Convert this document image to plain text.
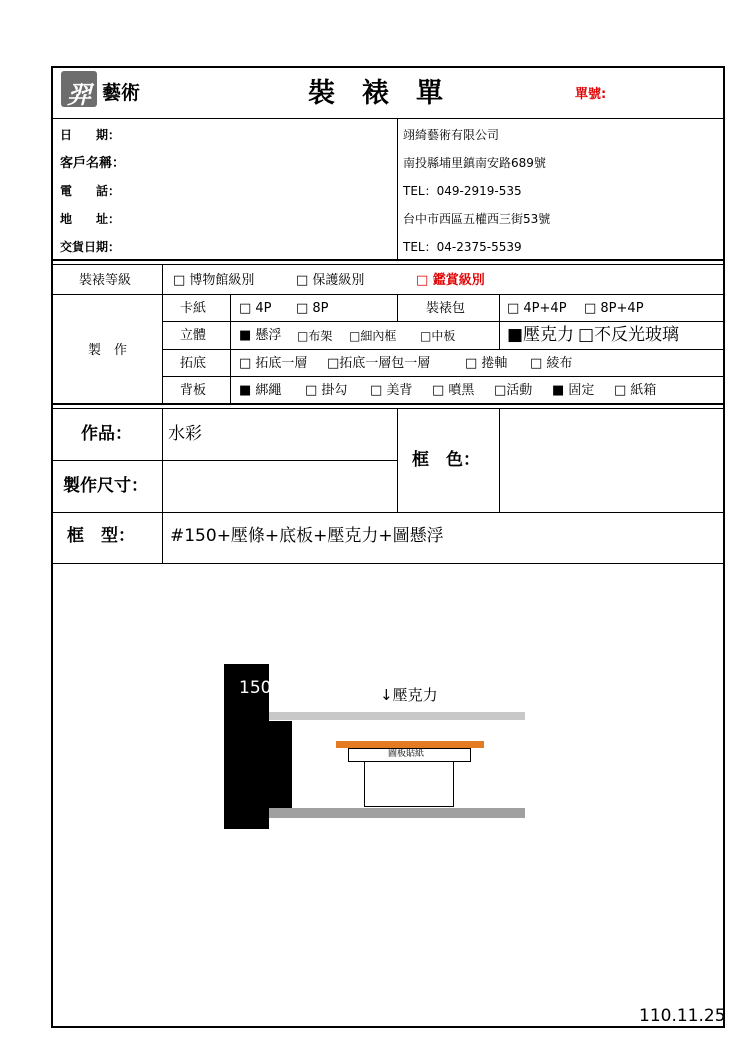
羿 藝術	裝　裱　單	單號:
日　　期：
客戶名稱：
電　　話：
地　　址：
交貨日期：
翊綺藝術有限公司
南投縣埔里鎮南安路689號
TEL：049-2919-535
台中市西區五權西三街53號
TEL：04-2375-5539
裝裱等級	□ 博物館級別	□ 保護級別	□ 鑑賞級別
製　作
卡紙	□ 4P □ 8P	裝裱包	□ 4P+4P □ 8P+4P
立體	■ 懸浮 □布架 □細內框 □中板	■壓克力 □不反光玻璃
拓底	□ 拓底一層 □拓底一層包一層	□ 捲軸 □ 綾布
背板	■ 綁繩 □ 掛勾 □ 美背 □ 噴黑 □活動 ■ 固定 □ 紙箱
作品： 水彩
製作尺寸：
框　色：
框　型： #150+壓條+底板+壓克力+圖懸浮
150	↓壓克力
圖板貼紙
110.11.25
